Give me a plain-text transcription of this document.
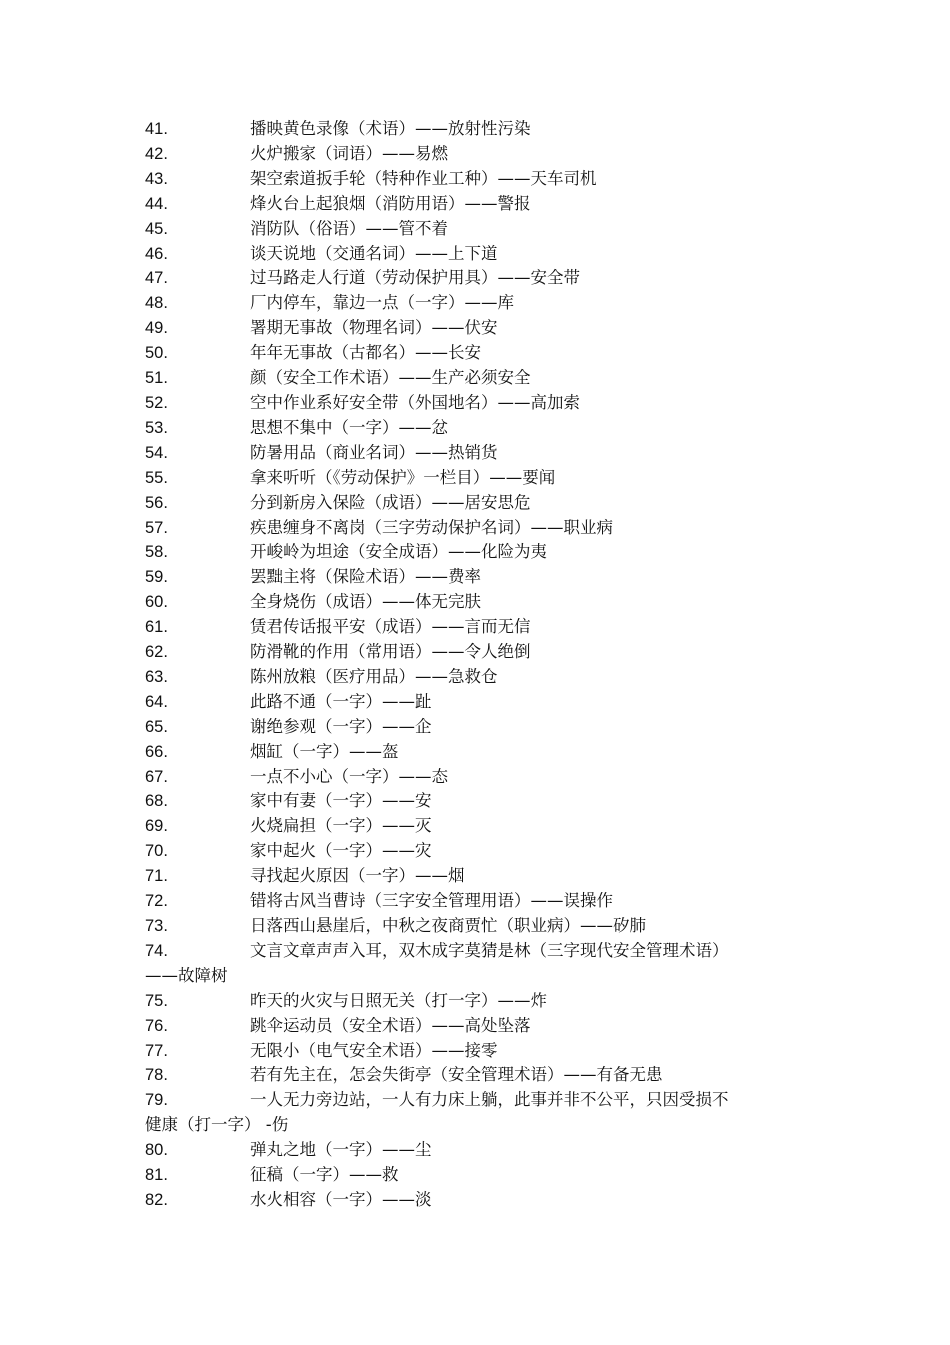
41.	播映黄色录像（术语）——放射性污染
42.	火炉搬家（词语）——易燃
43.	架空索道扳手轮（特种作业工种）——天车司机
44.	烽火台上起狼烟（消防用语）——警报
45.	消防队（俗语）——管不着
46.	谈天说地（交通名词）——上下道
47.	过马路走人行道（劳动保护用具）——安全带
48.	厂内停车，靠边一点（一字）——库
49.	署期无事故（物理名词）——伏安
50.	年年无事故（古都名）——长安
51.	颜（安全工作术语）——生产必须安全
52.	空中作业系好安全带（外国地名）——高加索
53.	思想不集中（一字）——忿
54.	防暑用品（商业名词）——热销货
55.	拿来听听（《劳动保护》一栏目）——要闻
56.	分到新房入保险（成语）——居安思危
57.	疾患缠身不离岗（三字劳动保护名词）——职业病
58.	开峻岭为坦途（安全成语）——化险为夷
59.	罢黜主将（保险术语）——费率
60.	全身烧伤（成语）——体无完肤
61.	赁君传话报平安（成语）——言而无信
62.	防滑靴的作用（常用语）——令人绝倒
63.	陈州放粮（医疗用品）——急救仓
64.	此路不通（一字）——趾
65.	谢绝参观（一字）——企
66.	烟缸（一字）——盔
67.	一点不小心（一字）——态
68.	家中有妻（一字）——安
69.	火烧扁担（一字）——灭
70.	家中起火（一字）——灾
71.	寻找起火原因（一字）——烟
72.	错将古风当曹诗（三字安全管理用语）——误操作
73.	日落西山悬崖后，中秋之夜商贾忙（职业病）——矽肺
74.	文言文章声声入耳，双木成字莫猜是林（三字现代安全管理术语）
——故障树
75.	昨天的火灾与日照无关（打一字）——炸
76.	跳伞运动员（安全术语）——高处坠落
77.	无限小（电气安全术语）——接零
78.	若有先主在，怎会失街亭（安全管理术语）——有备无患
79.	一人无力旁边站，一人有力床上躺，此事并非不公平，只因受损不
健康（打一字） -伤
80.	弹丸之地（一字）——尘
81.	征稿（一字）——救
82.	水火相容（一字）——淡
